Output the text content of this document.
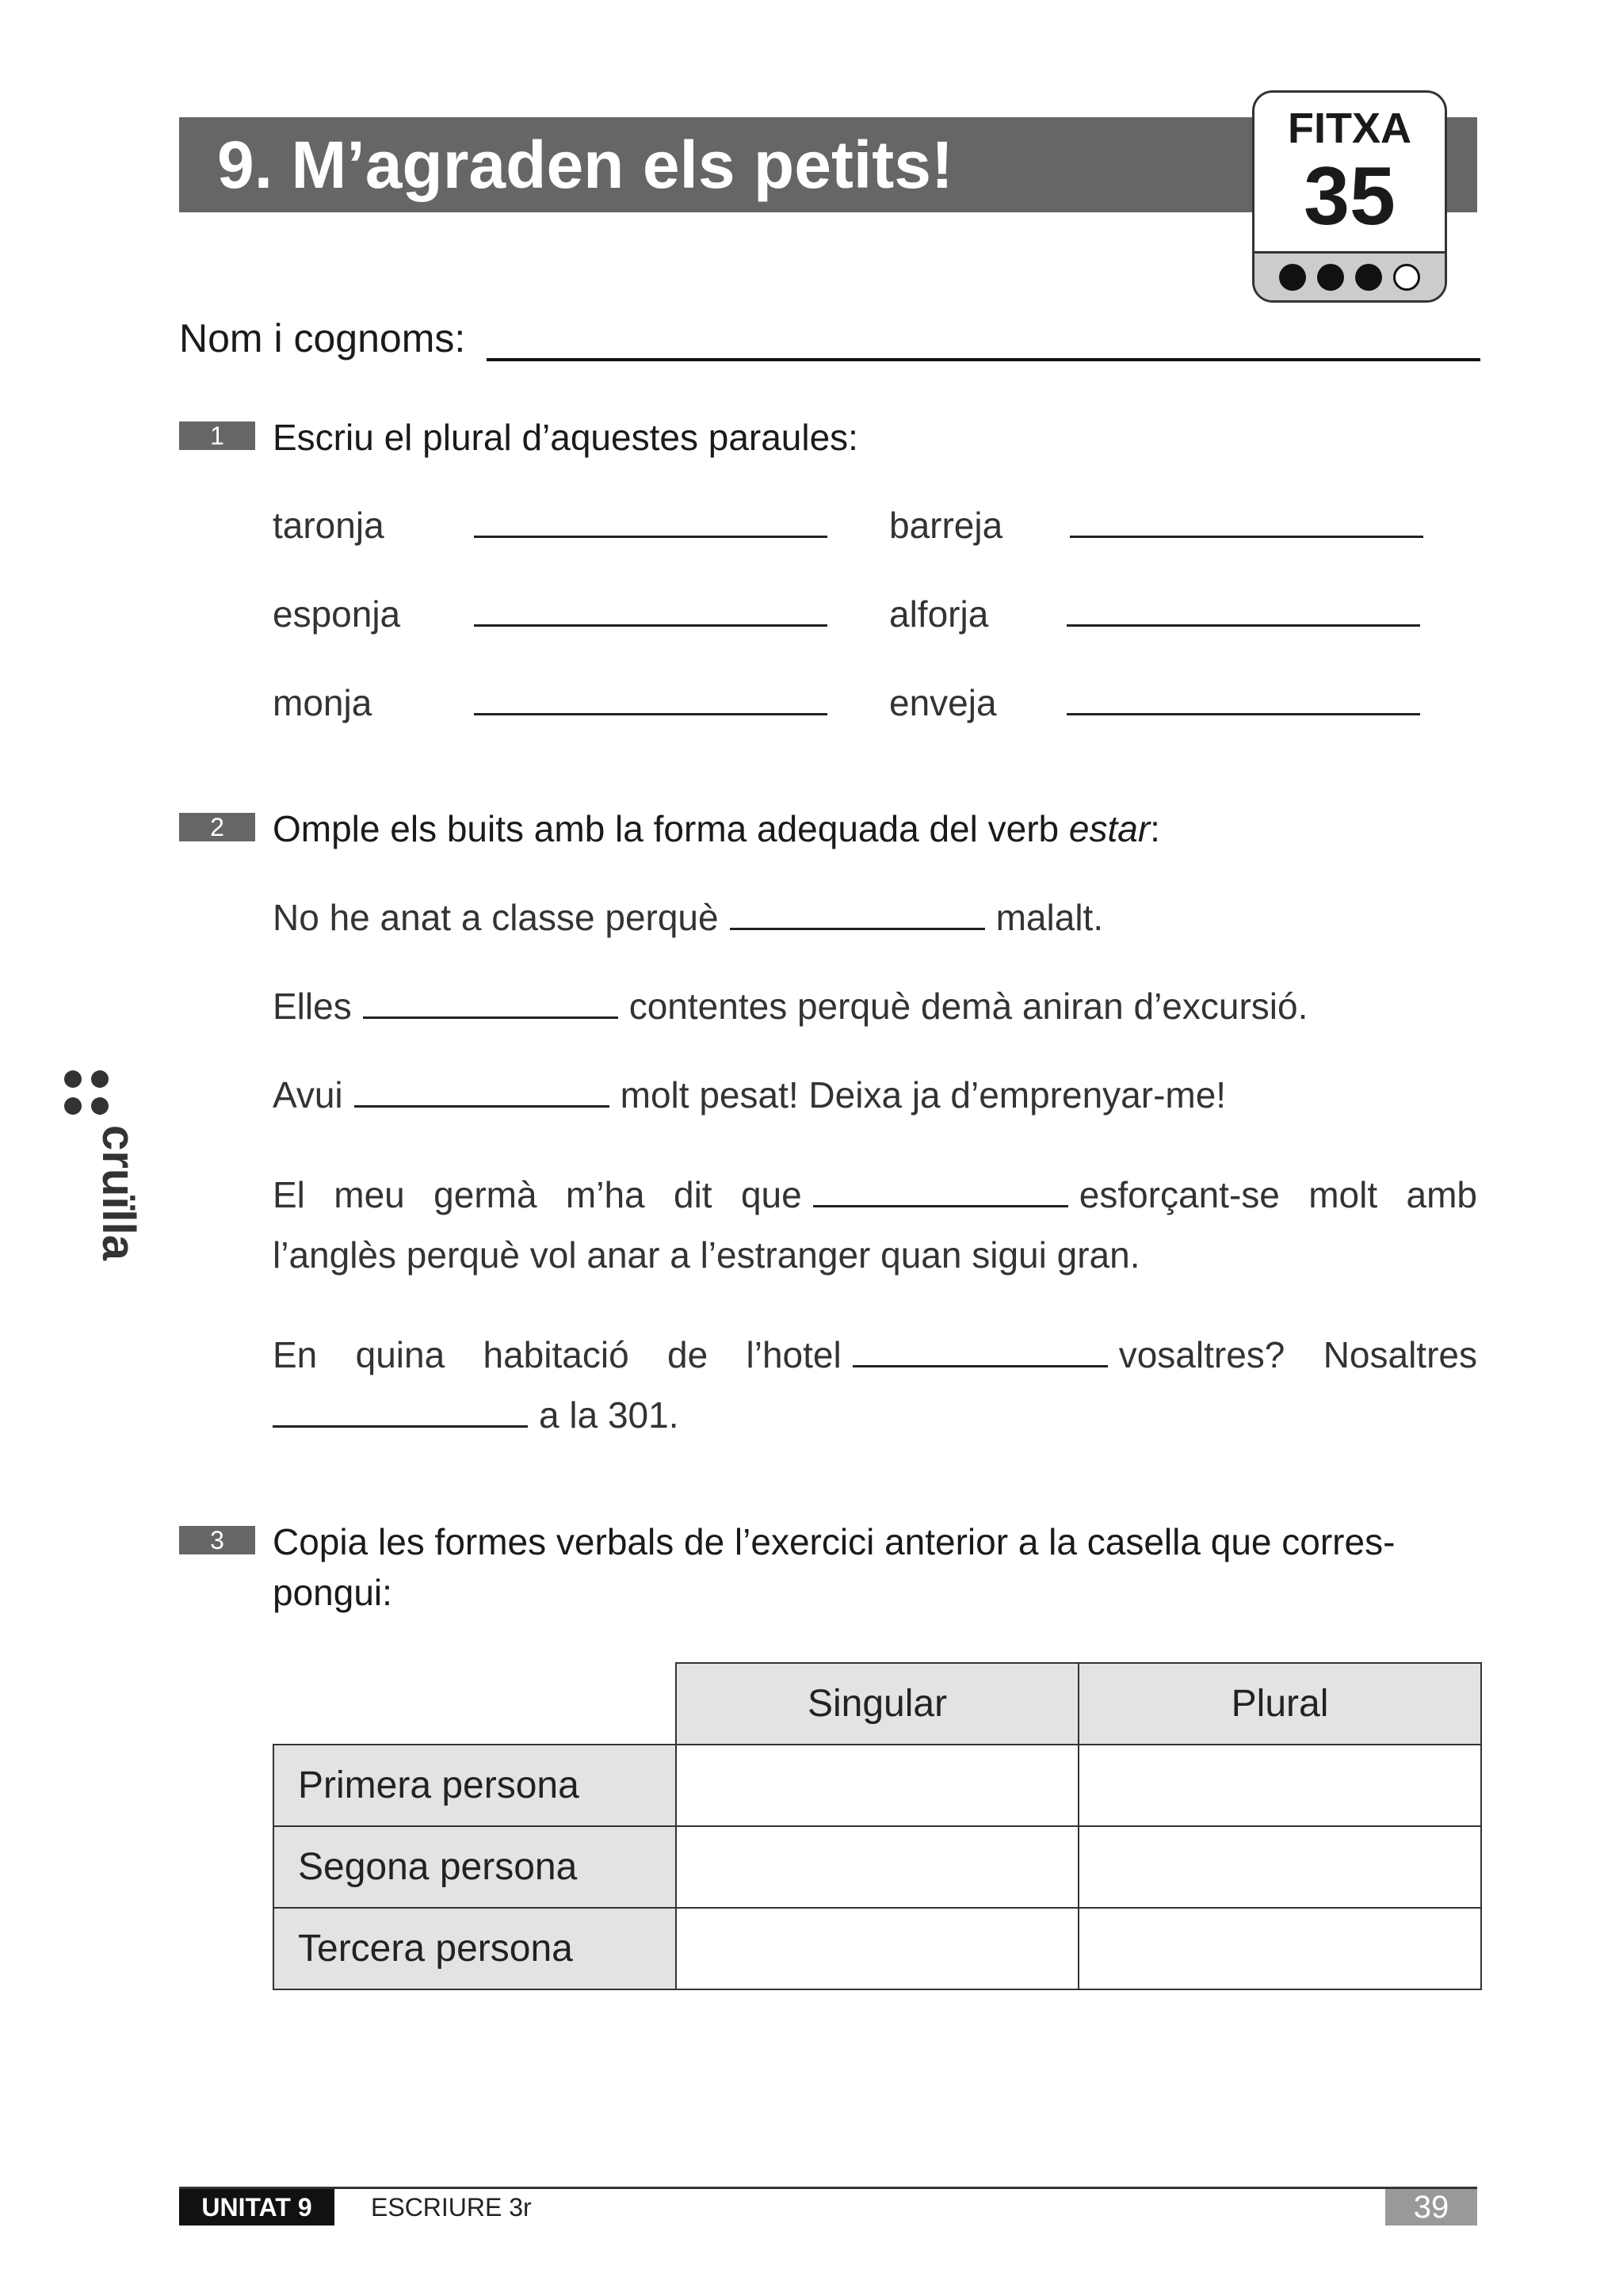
9. M’agraden els petits!	FITXA
35
Nom i cognoms:
1	Escriu el plural d’aquestes paraules:
taronja	barreja
esponja	alforja
monja	enveja
2	Omple els buits amb la forma adequada del verb estar:
No he anat a classe perquè	malalt.
Elles	contentes perquè demà aniran d’excursió.
Avui	molt pesat! Deixa ja d’emprenyar-me!
El meu germà m’ha dit que	esforçant-se molt amb
l’anglès perquè vol anar a l’estranger quan sigui gran.
En quina habitació de l’hotel	vosaltres? Nosaltres
a la 301.
3	Copia les formes verbals de l’exercici anterior a la casella que corres-
pongui:
	Singular	Plural
Primera persona		
Segona persona		
Tercera persona		
cruïlla
UNITAT 9	ESCRIURE 3r	39
